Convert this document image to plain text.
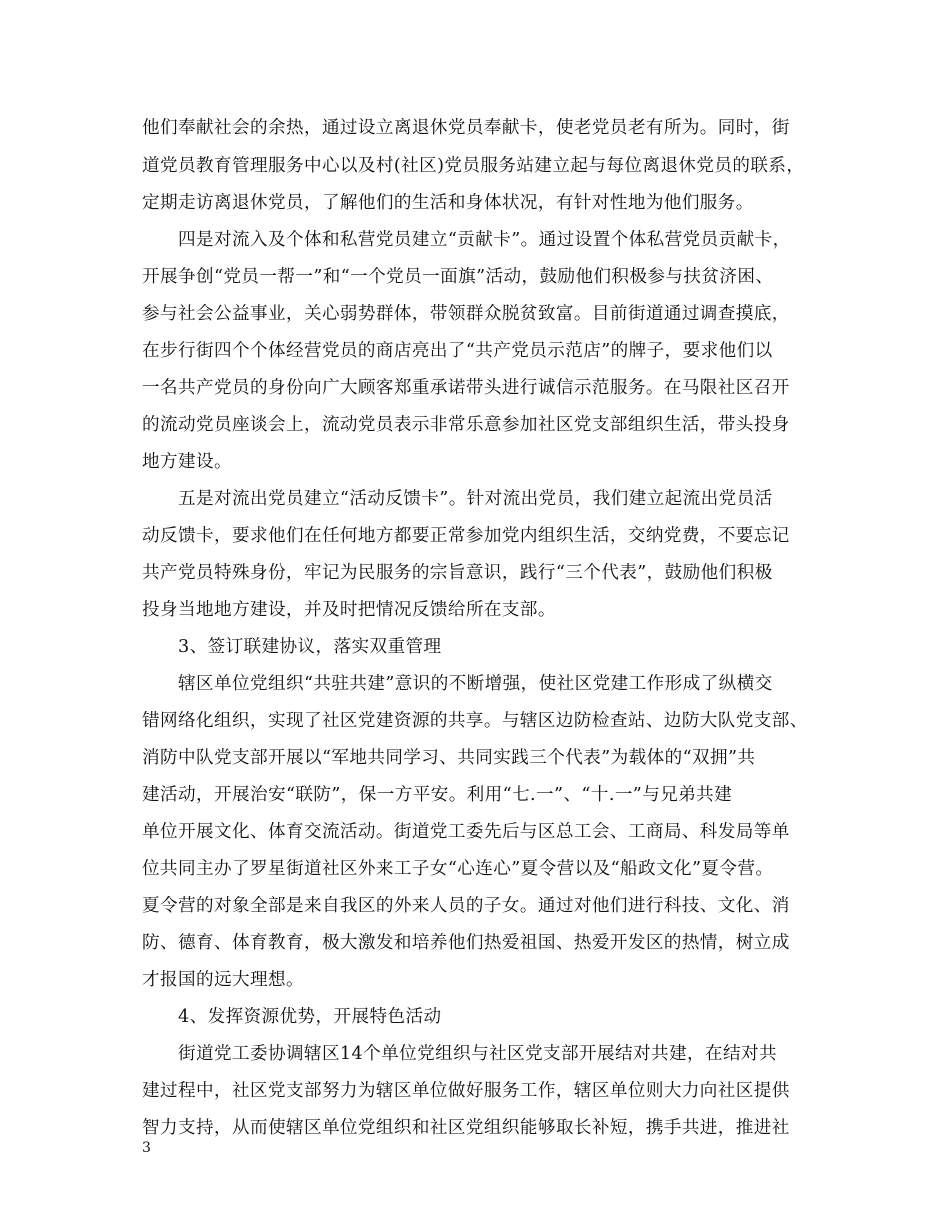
他们奉献社会的余热，通过设立离退休党员奉献卡，使老党员老有所为。同时，街
道党员教育管理服务中心以及村(社区)党员服务站建立起与每位离退休党员的联系，
定期走访离退休党员，了解他们的生活和身体状况，有针对性地为他们服务。
　　四是对流入及个体和私营党员建立“贡献卡”。通过设置个体私营党员贡献卡，
开展争创“党员一帮一”和“一个党员一面旗”活动，鼓励他们积极参与扶贫济困、
参与社会公益事业，关心弱势群体，带领群众脱贫致富。目前街道通过调查摸底，
在步行街四个个体经营党员的商店亮出了“共产党员示范店”的牌子，要求他们以
一名共产党员的身份向广大顾客郑重承诺带头进行诚信示范服务。在马限社区召开
的流动党员座谈会上，流动党员表示非常乐意参加社区党支部组织生活，带头投身
地方建设。
　　五是对流出党员建立“活动反馈卡”。针对流出党员，我们建立起流出党员活
动反馈卡，要求他们在任何地方都要正常参加党内组织生活，交纳党费，不要忘记
共产党员特殊身份，牢记为民服务的宗旨意识，践行“三个代表”，鼓励他们积极
投身当地地方建设，并及时把情况反馈给所在支部。
　　3、签订联建协议，落实双重管理
　　辖区单位党组织“共驻共建”意识的不断增强，使社区党建工作形成了纵横交
错网络化组织，实现了社区党建资源的共享。与辖区边防检查站、边防大队党支部、
消防中队党支部开展以“军地共同学习、共同实践三个代表”为载体的“双拥”共
建活动，开展治安“联防”，保一方平安。利用“七.一”、“十.一”与兄弟共建
单位开展文化、体育交流活动。街道党工委先后与区总工会、工商局、科发局等单
位共同主办了罗星街道社区外来工子女“心连心”夏令营以及“船政文化”夏令营。
夏令营的对象全部是来自我区的外来人员的子女。通过对他们进行科技、文化、消
防、德育、体育教育，极大激发和培养他们热爱祖国、热爱开发区的热情，树立成
才报国的远大理想。
　　4、发挥资源优势，开展特色活动
　　街道党工委协调辖区14个单位党组织与社区党支部开展结对共建，在结对共
建过程中，社区党支部努力为辖区单位做好服务工作，辖区单位则大力向社区提供
智力支持，从而使辖区单位党组织和社区党组织能够取长补短，携手共进，推进社
3
